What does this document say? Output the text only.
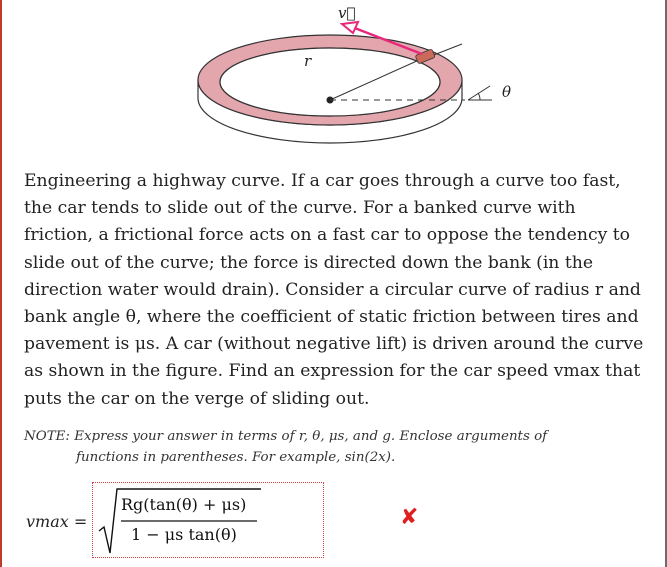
v⃗
r
θ

Engineering a highway curve. If a car goes through a curve too fast, the car tends to slide out of the curve. For a banked curve with friction, a frictional force acts on a fast car to oppose the tendency to slide out of the curve; the force is directed down the bank (in the direction water would drain). Consider a circular curve of radius r and bank angle θ, where the coefficient of static friction between tires and pavement is μs. A car (without negative lift) is driven around the curve as shown in the figure. Find an expression for the car speed vmax that puts the car on the verge of sliding out.

NOTE: Express your answer in terms of r, θ, μs, and g. Enclose arguments of
functions in parentheses. For example, sin(2x).
vmax =
Rg(tan(θ) + μs)
1 − μs tan(θ)
✘
